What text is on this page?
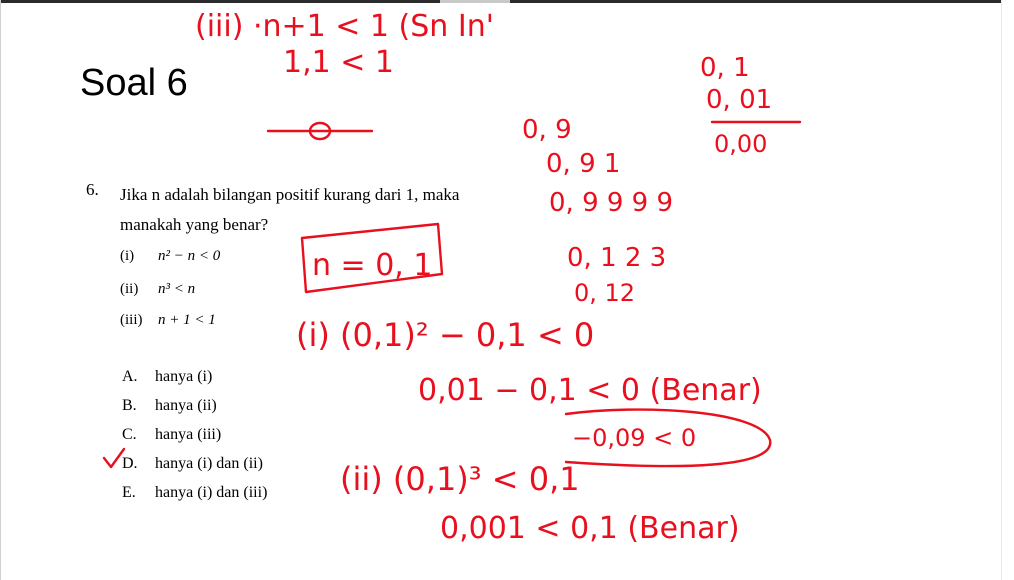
Soal 6
6. Jika n adalah bilangan positif kurang dari 1, maka manakah yang benar?
(i) n² − n < 0
(ii) n³ < n
(iii) n + 1 < 1
A. hanya (i)
B. hanya (ii)
C. hanya (iii)
D. hanya (i) dan (ii)
E. hanya (i) dan (iii)
(iii) ·n+1 < 1 (Sn In'
1,1 < 1	0, 1
0, 01
0,00
0, 9
0, 9 1
0, 9 9 9 9
0, 1 2 3
0, 12
n = 0, 1
(i) (0,1)² − 0,1 < 0
0,01 − 0,1 < 0 (Benar)
−0,09 < 0
(ii) (0,1)³ < 0,1
0,001 < 0,1 (Benar)
